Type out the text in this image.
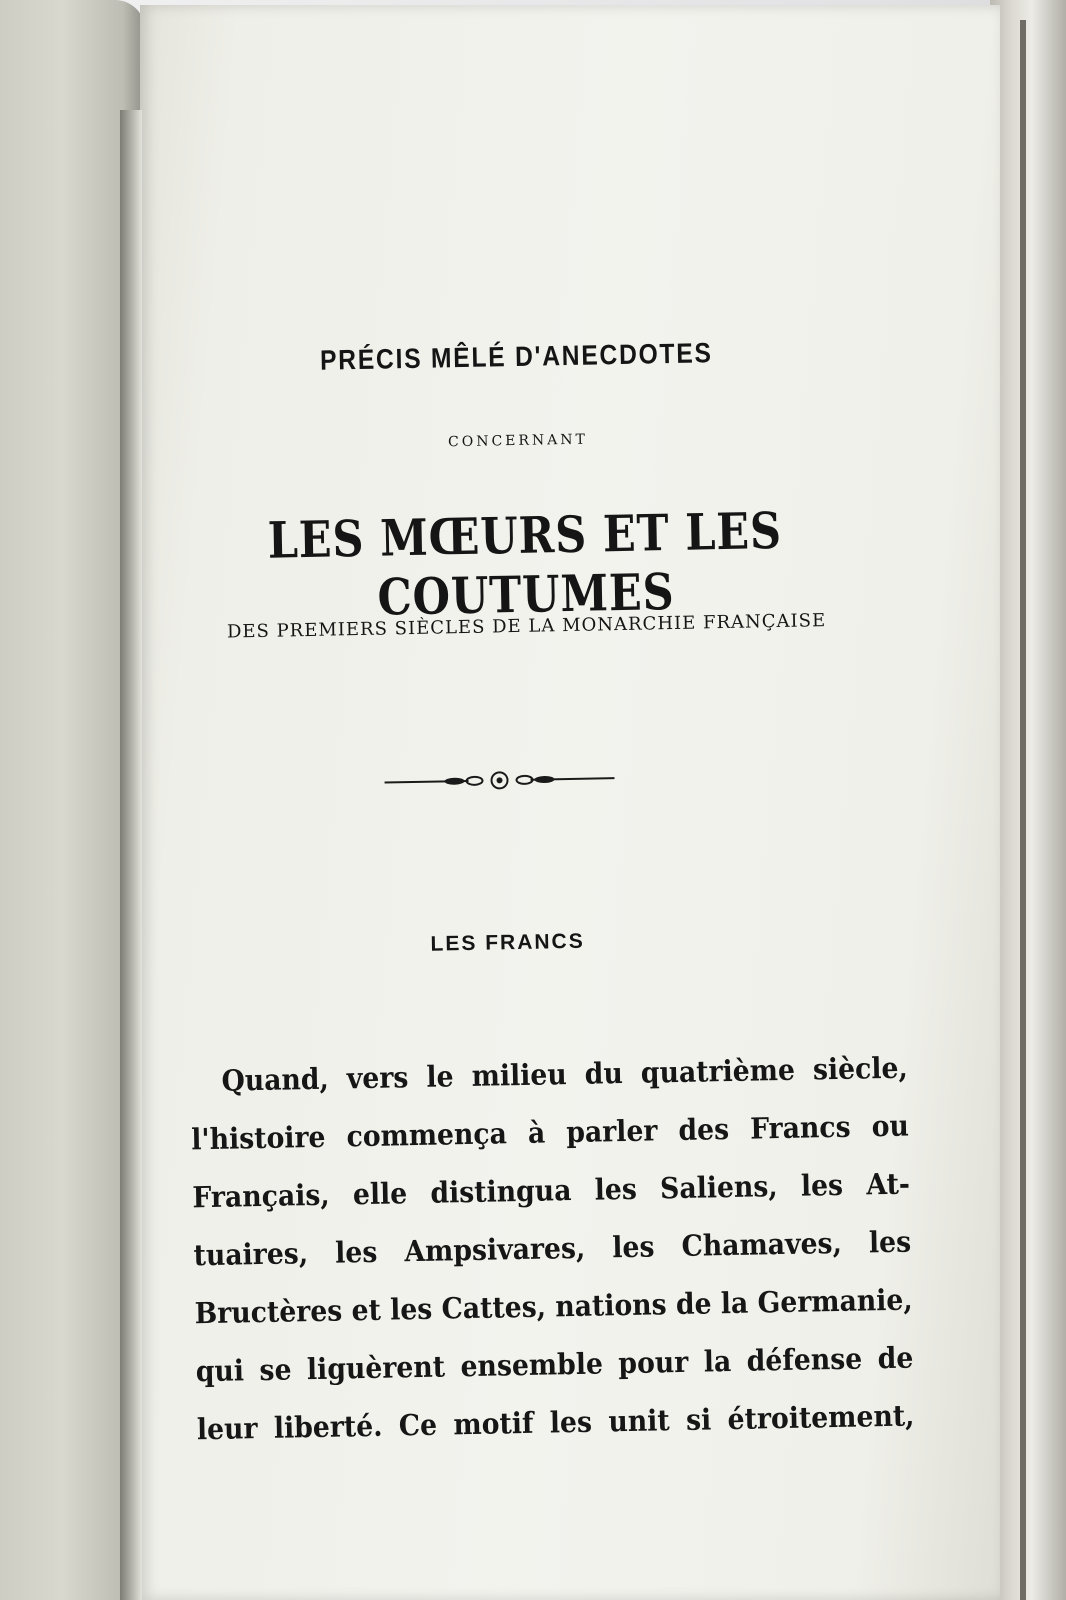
PRÉCIS MÊLÉ D'ANECDOTES
CONCERNANT
LES MŒURS ET LES COUTUMES
DES PREMIERS SIÈCLES DE LA MONARCHIE FRANÇAISE
LES FRANCS
Quand, vers le milieu du quatrième siècle,
l'histoire commença à parler des Francs ou
Français, elle distingua les Saliens, les At-
tuaires, les Ampsivares, les Chamaves, les
Bructères et les Cattes, nations de la Germanie,
qui se liguèrent ensemble pour la défense de
leur liberté. Ce motif les unit si étroitement,
